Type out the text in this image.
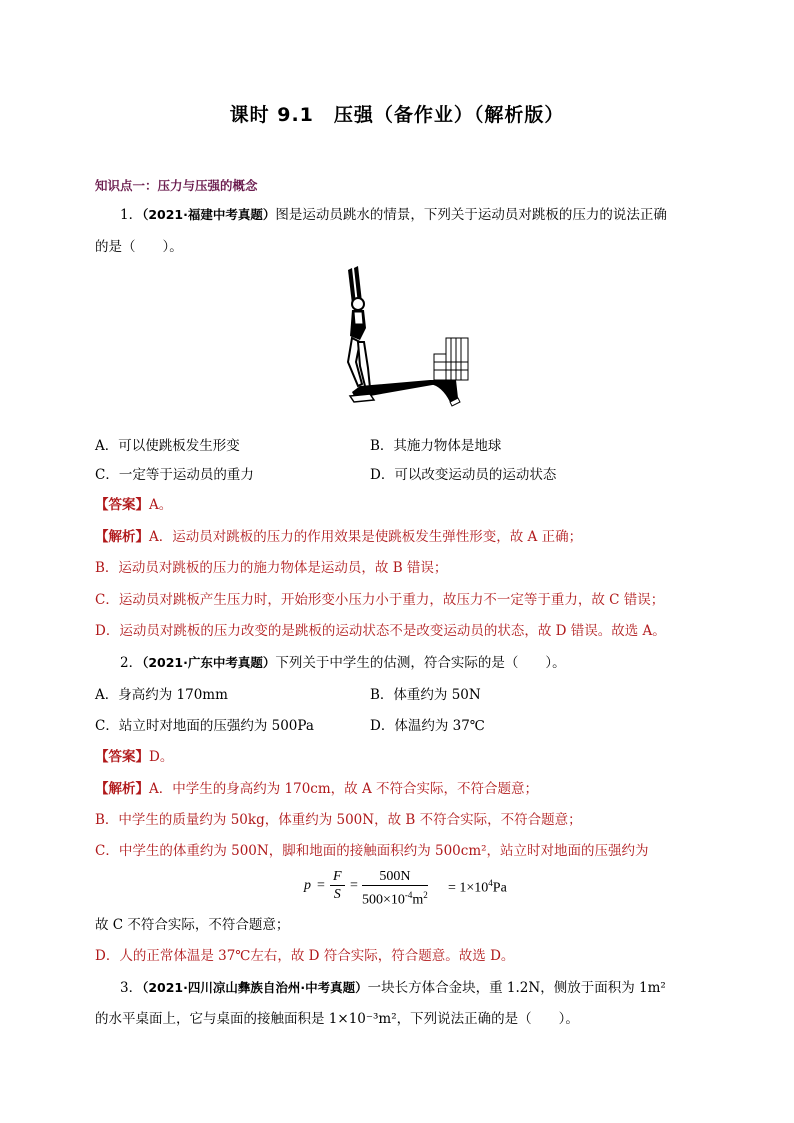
课时 9.1　压强（备作业）（解析版）
知识点一：压力与压强的概念
1．（2021·福建中考真题）图是运动员跳水的情景，下列关于运动员对跳板的压力的说法正确
的是（　　）。
A．可以使跳板发生形变	B．其施力物体是地球
C．一定等于运动员的重力	D．可以改变运动员的运动状态
【答案】A。
【解析】A．运动员对跳板的压力的作用效果是使跳板发生弹性形变，故 A 正确；
B．运动员对跳板的压力的施力物体是运动员，故 B 错误；
C．运动员对跳板产生压力时，开始形变小压力小于重力，故压力不一定等于重力，故 C 错误；
D．运动员对跳板的压力改变的是跳板的运动状态不是改变运动员的状态，故 D 错误。故选 A。
2．（2021·广东中考真题）下列关于中学生的估测，符合实际的是（　　）。
A．身高约为 170mm	B．体重约为 50N
C．站立时对地面的压强约为 500Pa	D．体温约为 37℃
【答案】D。
【解析】A．中学生的身高约为 170cm，故 A 不符合实际，不符合题意；
B．中学生的质量约为 50kg，体重约为 500N，故 B 不符合实际，不符合题意；
C．中学生的体重约为 500N，脚和地面的接触面积约为 500cm²，站立时对地面的压强约为
$p = \frac{F}{S} = \frac{500N}{500\times 10^{-4}m^2} = 1\times 10^4Pa$
故 C 不符合实际，不符合题意；
D．人的正常体温是 37℃左右，故 D 符合实际，符合题意。故选 D。
3．（2021·四川凉山彝族自治州·中考真题）一块长方体合金块，重 1.2N，侧放于面积为 1m²
的水平桌面上，它与桌面的接触面积是 1×10⁻³m²，下列说法正确的是（　　）。
